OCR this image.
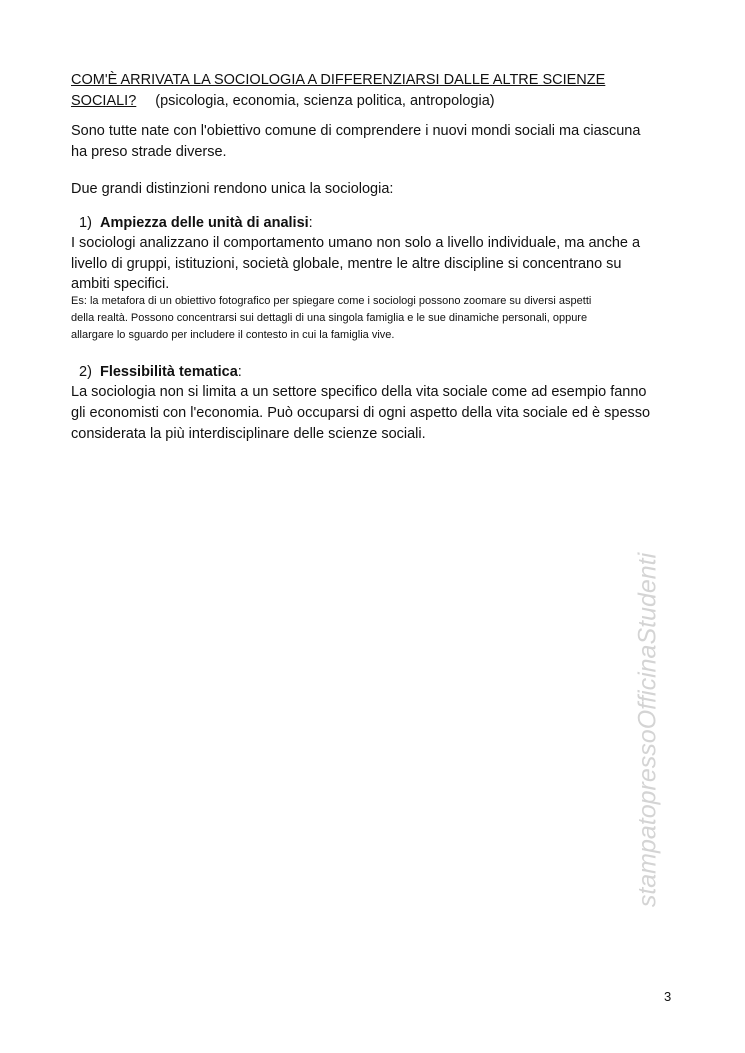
COM'È ARRIVATA LA SOCIOLOGIA A DIFFERENZIARSI DALLE ALTRE SCIENZE
SOCIALI? (psicologia, economia, scienza politica, antropologia)
Sono tutte nate con l'obiettivo comune di comprendere i nuovi mondi sociali ma ciascuna
ha preso strade diverse.
Due grandi distinzioni rendono unica la sociologia:
1) Ampiezza delle unità di analisi:
I sociologi analizzano il comportamento umano non solo a livello individuale, ma anche a
livello di gruppi, istituzioni, società globale, mentre le altre discipline si concentrano su
ambiti specifici.
Es: la metafora di un obiettivo fotografico per spiegare come i sociologi possono zoomare su diversi aspetti
della realtà. Possono concentrarsi sui dettagli di una singola famiglia e le sue dinamiche personali, oppure
allargare lo sguardo per includere il contesto in cui la famiglia vive.
2) Flessibilità tematica:
La sociologia non si limita a un settore specifico della vita sociale come ad esempio fanno
gli economisti con l'economia. Può occuparsi di ogni aspetto della vita sociale ed è spesso
considerata la più interdisciplinare delle scienze sociali.
stampatopressoOfficinaStudenti
3
